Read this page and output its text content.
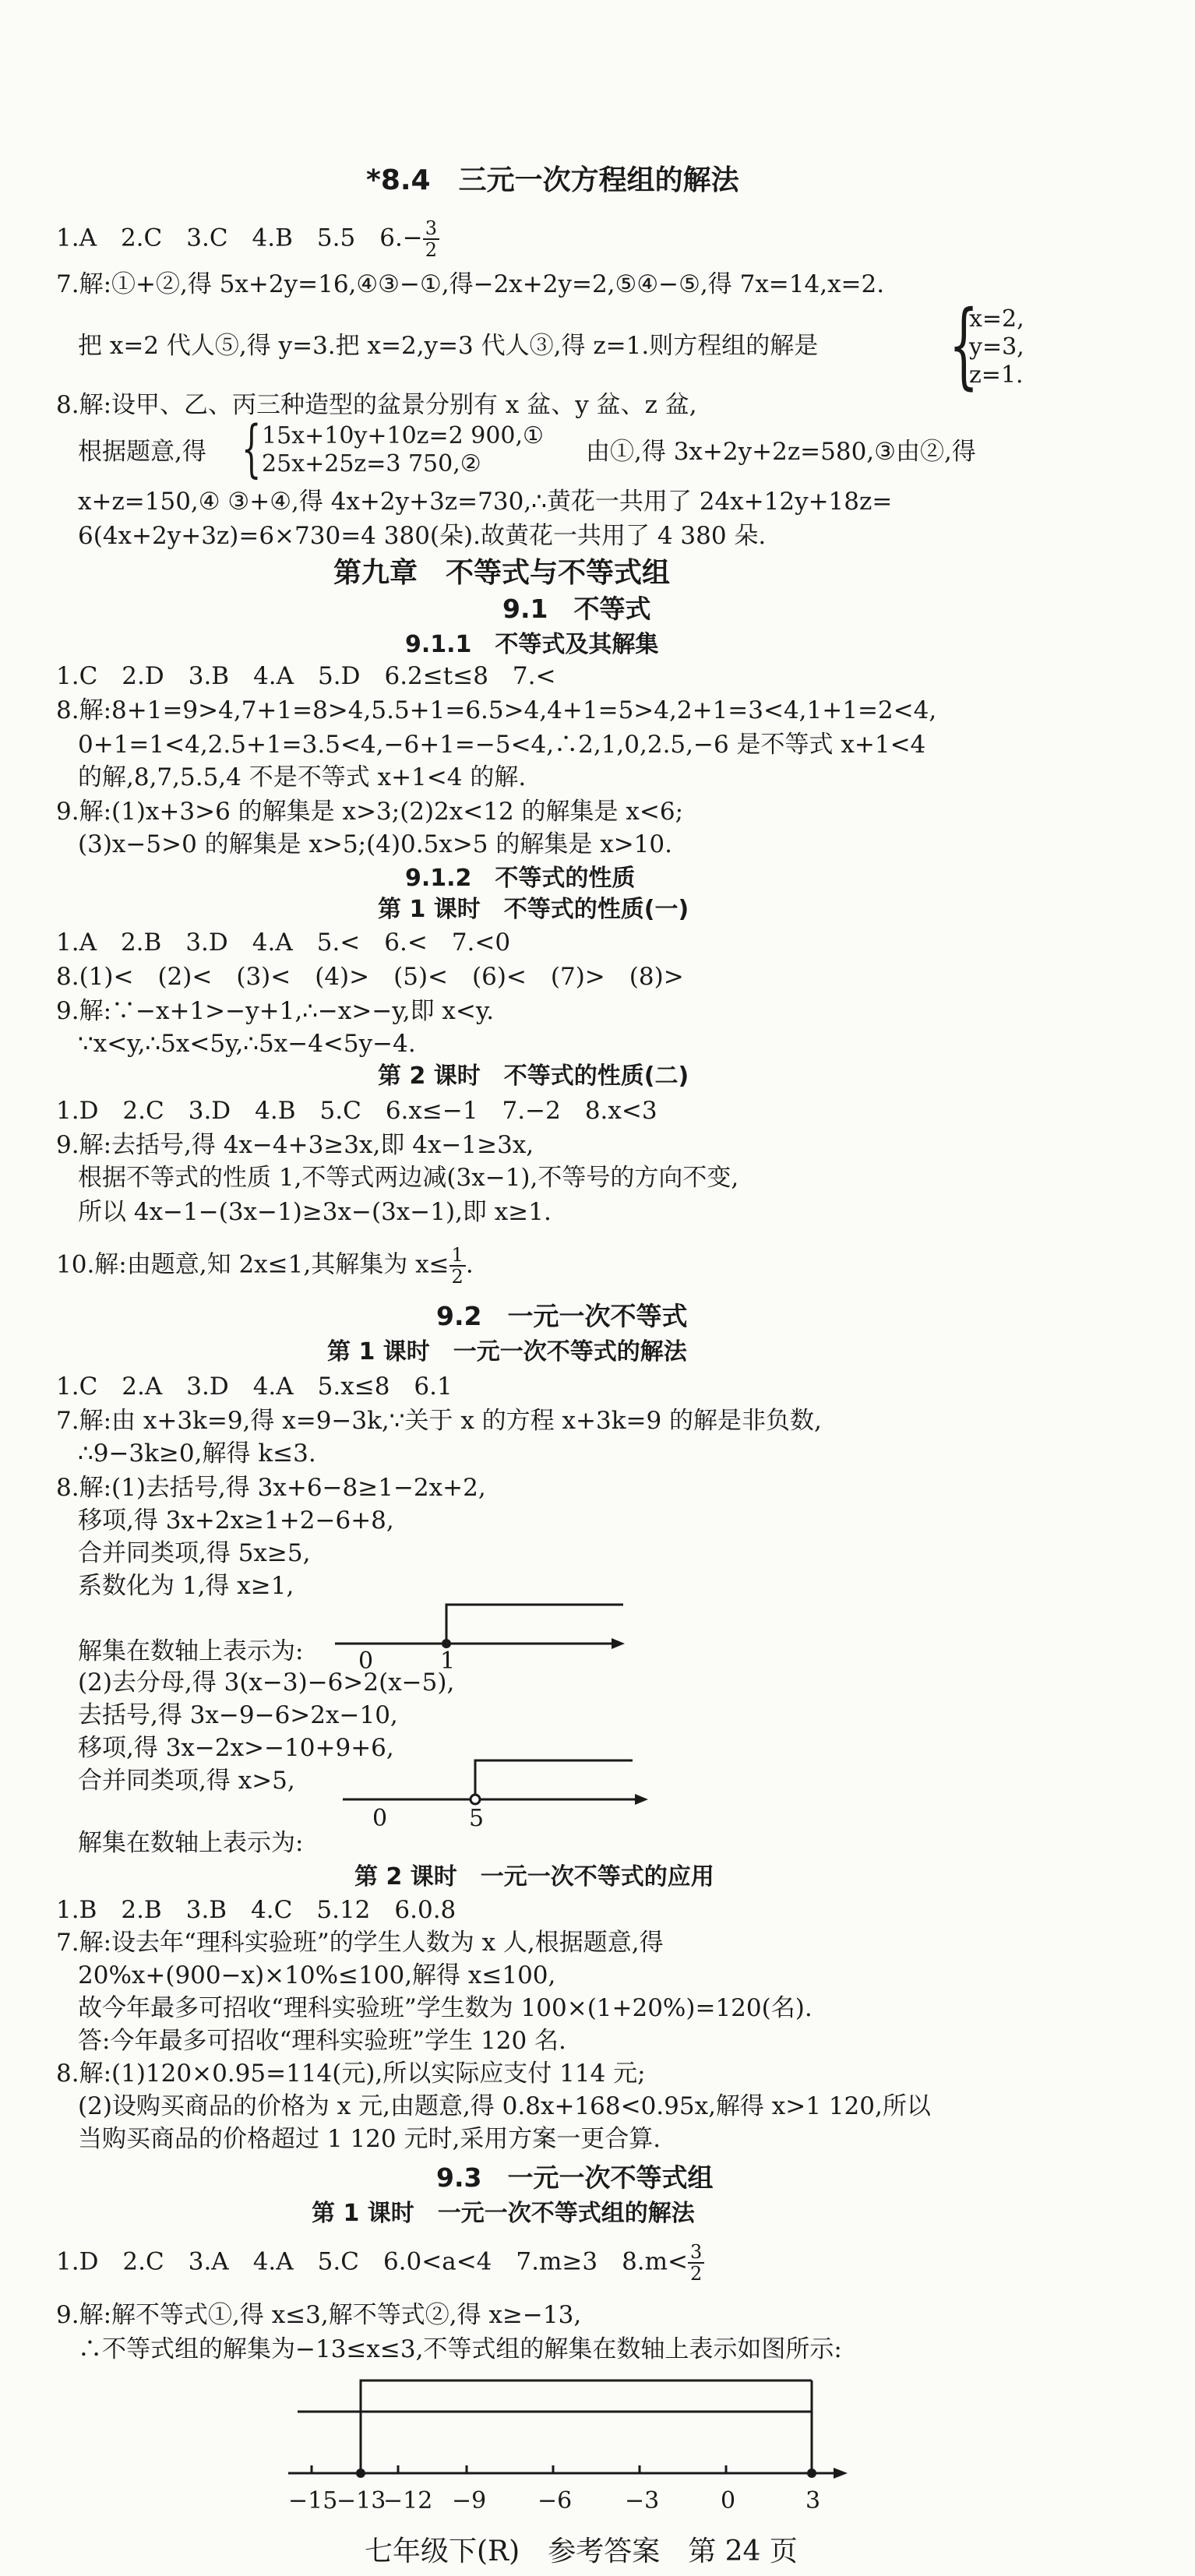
*8.4　三元一次方程组的解法
1.A　2.C　3.C　4.B　5.5　$6.- \frac{3}{2}$
7.解:①+②,得 5x+2y=16,④③−①,得−2x+2y=2,⑤④−⑤,得 7x=14,x=2.
把 x=2 代人⑤,得 y=3.把 x=2,y=3 代人③,得 z=1.则方程组的解是 {
x=2,
y=3,
z=1.
8.解:设甲、乙、丙三种造型的盆景分别有 x 盆、y 盆、z 盆,
根据题意,得 { 15x+10y+10z=2 900,①
25x+25z=3 750,②	由①,得 3x+2y+2z=580,③由②,得
x+z=150,④ ③+④,得 4x+2y+3z=730,∴黄花一共用了 24x+12y+18z=
6(4x+2y+3z)=6×730=4 380(朵).故黄花一共用了 4 380 朵.
第九章　不等式与不等式组
9.1　不等式
9.1.1　不等式及其解集
1.C　2.D　3.B　4.A　5.D　6.2≤t≤8　7.<
8.解:8+1=9>4,7+1=8>4,5.5+1=6.5>4,4+1=5>4,2+1=3<4,1+1=2<4,
0+1=1<4,2.5+1=3.5<4,−6+1=−5<4,∴2,1,0,2.5,−6 是不等式 x+1<4
的解,8,7,5.5,4 不是不等式 x+1<4 的解.
9.解:(1)x+3>6 的解集是 x>3;(2)2x<12 的解集是 x<6;
(3)x−5>0 的解集是 x>5;(4)0.5x>5 的解集是 x>10.
9.1.2　不等式的性质
第 1 课时　不等式的性质(一)
1.A　2.B　3.D　4.A　5.<　6.<　7.<0
8.(1)<　(2)<　(3)<　(4)>　(5)<　(6)<　(7)>　(8)>
9.解:∵−x+1>−y+1,∴−x>−y,即 x<y.
∵x<y,∴5x<5y,∴5x−4<5y−4.
第 2 课时　不等式的性质(二)
1.D　2.C　3.D　4.B　5.C　6.x≤−1　7.−2　8.x<3
9.解:去括号,得 4x−4+3≥3x,即 4x−1≥3x,
根据不等式的性质 1,不等式两边减(3x−1),不等号的方向不变,
所以 4x−1−(3x−1)≥3x−(3x−1),即 x≥1.
10.解:由题意,知 2x≤1,其解集为 $x\le \frac{1}{2}$ .
9.2　一元一次不等式
第 1 课时　一元一次不等式的解法
1.C　2.A　3.D　4.A　5.x≤8　6.1
7.解:由 x+3k=9,得 x=9−3k,∵关于 x 的方程 x+3k=9 的解是非负数,
∴9−3k≥0,解得 k≤3.
8.解:(1)去括号,得 3x+6−8≥1−2x+2,
移项,得 3x+2x≥1+2−6+8,
合并同类项,得 5x≥5,
系数化为 1,得 x≥1,
解集在数轴上表示为: 0	1
(2)去分母,得 3(x−3)−6>2(x−5),
去括号,得 3x−9−6>2x−10,
移项,得 3x−2x>−10+9+6,
合并同类项,得 x>5,
解集在数轴上表示为:
0	5
第 2 课时　一元一次不等式的应用
1.B　2.B　3.B　4.C　5.12　6.0.8
7.解:设去年“理科实验班”的学生人数为 x 人,根据题意,得
20%x+(900−x)×10%≤100,解得 x≤100,
故今年最多可招收“理科实验班”学生数为 100×(1+20%)=120(名).
答:今年最多可招收“理科实验班”学生 120 名.
8.解:(1)120×0.95=114(元),所以实际应支付 114 元;
(2)设购买商品的价格为 x 元,由题意,得 0.8x+168<0.95x,解得 x>1 120,所以
当购买商品的价格超过 1 120 元时,采用方案一更合算.
9.3　一元一次不等式组
第 1 课时　一元一次不等式组的解法
1.D　2.C　3.A　4.A　5.C　6.0<a<4　7.m≥3　$8.m< \frac{3}{2}$
9.解:解不等式①,得 x≤3,解不等式②,得 x≥−13,
∴不等式组的解集为−13≤x≤3,不等式组的解集在数轴上表示如图所示:
−15
−13
−12 −9 −6 −3	0	3
七年级下(R)　参考答案　第 24 页
